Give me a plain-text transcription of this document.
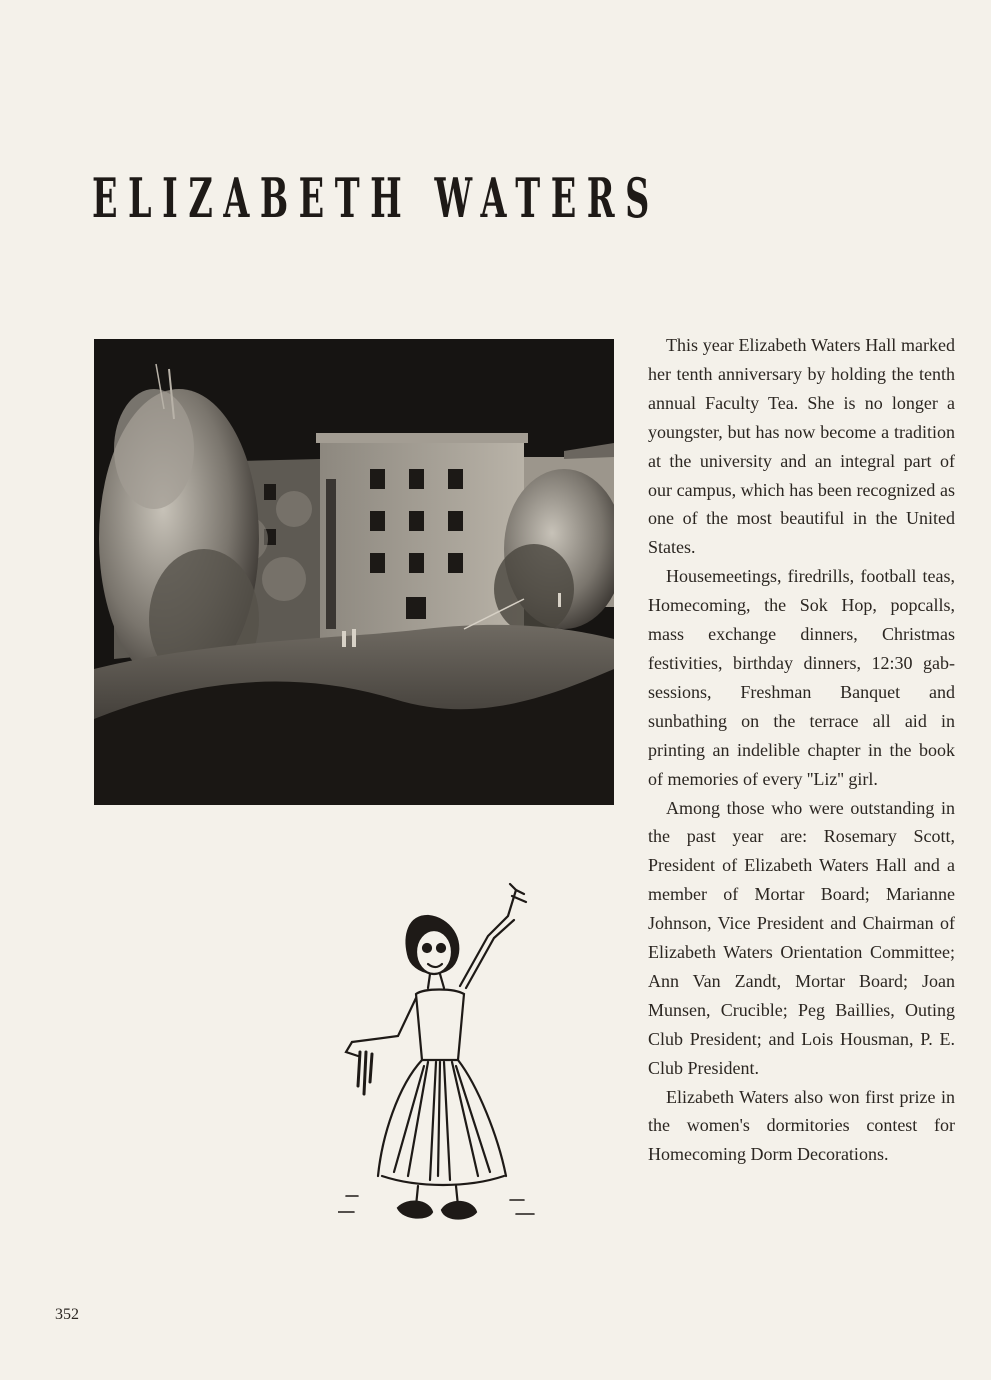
ELIZABETH WATERS

This year Elizabeth Waters Hall marked her tenth anniversary by holding the tenth annual Faculty Tea. She is no longer a youngster, but has now become a tradition at the university and an integral part of our campus, which has been recognized as one of the most beautiful in the United States.

Housemeetings, firedrills, football teas, Homecoming, the Sok Hop, popcalls, mass exchange dinners, Christmas festivities, birthday dinners, 12:30 gab-sessions, Freshman Banquet and sunbathing on the terrace all aid in printing an indelible chapter in the book of memories of every ''Liz'' girl.

Among those who were outstanding in the past year are: Rosemary Scott, President of Elizabeth Waters Hall and a member of Mortar Board; Marianne Johnson, Vice President and Chairman of Elizabeth Waters Orientation Committee; Ann Van Zandt, Mortar Board; Joan Munsen, Crucible; Peg Baillies, Outing Club President; and Lois Housman, P. E. Club President.

Elizabeth Waters also won first prize in the women's dormitories contest for Homecoming Dorm Decorations.

352
